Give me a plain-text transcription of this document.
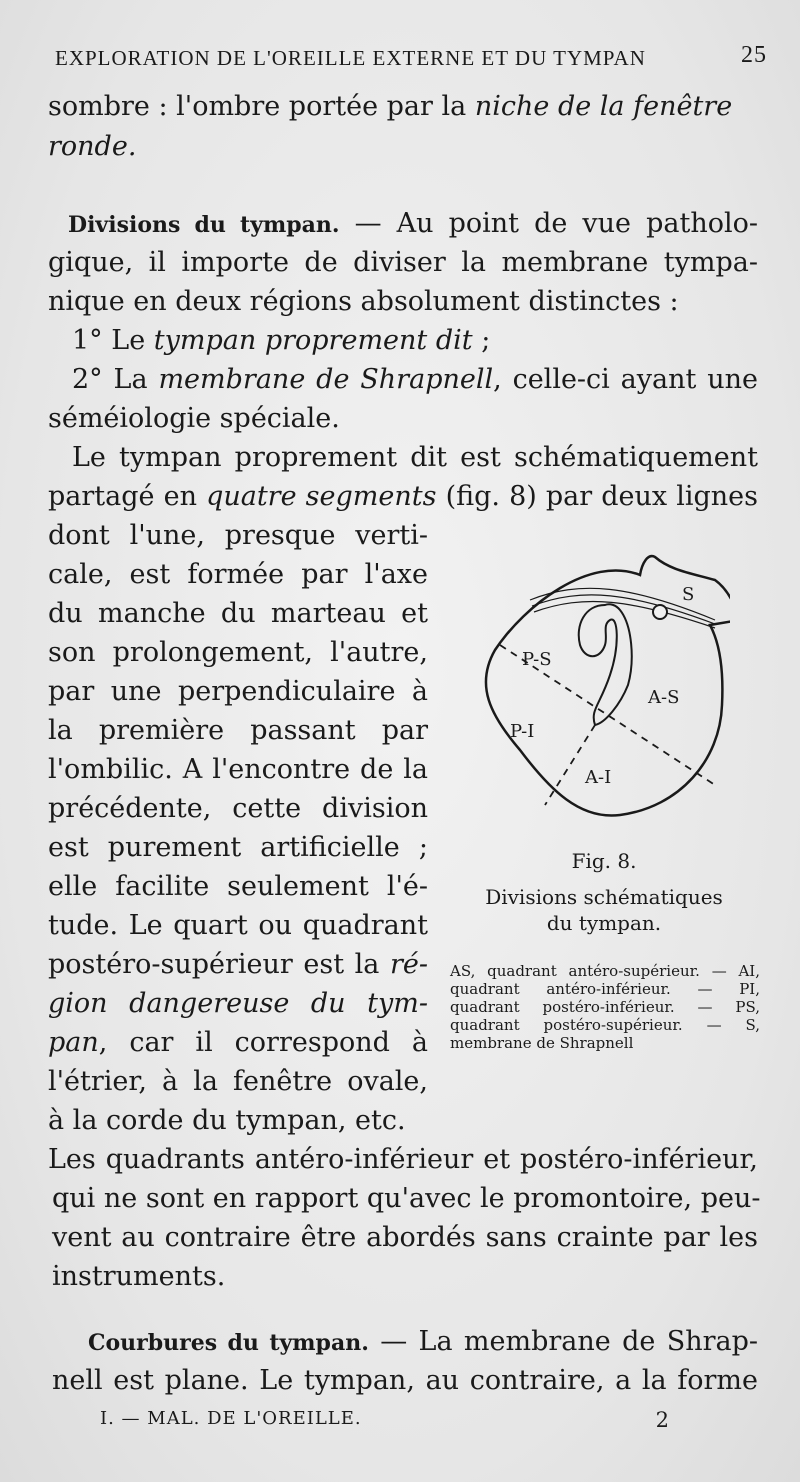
EXPLORATION DE L'OREILLE EXTERNE ET DU TYMPAN	25
sombre : l'ombre portée par la niche de la fenêtre
ronde.
Divisions du tympan. — Au point de vue patholo-
gique, il importe de diviser la membrane tympa-
nique en deux régions absolument distinctes :
1° Le tympan proprement dit ;
2° La membrane de Shrapnell, celle-ci ayant une
séméiologie spéciale.
Le tympan proprement dit est schématiquement
partagé en quatre segments (fig. 8) par deux lignes
dont l'une, presque verti-
cale, est formée par l'axe
du manche du marteau et
son prolongement, l'autre,
par une perpendiculaire à
la première passant par
l'ombilic. A l'encontre de la
précédente, cette division
est purement artificielle ;
elle facilite seulement l'é-
tude. Le quart ou quadrant
postéro-supérieur est la ré-
gion dangereuse du tym-
pan, car il correspond à
l'étrier, à la fenêtre ovale,
à la corde du tympan, etc.
Les quadrants antéro-inférieur et postéro-inférieur,
qui ne sont en rapport qu'avec le promontoire, peu-
vent au contraire être abordés sans crainte par les
instruments.
Courbures du tympan. — La membrane de Shrap-
nell est plane. Le tympan, au contraire, a la forme
S
P-S
A-S
P-I
A-I
Fig. 8.
Divisions schématiques
du tympan.
AS, quadrant antéro-supérieur. — AI, quadrant antéro-inférieur. — PI, quadrant postéro-inférieur. — PS, quadrant postéro-supérieur. — S, membrane de Shrapnell
I. — MAL. DE L'OREILLE.	2
